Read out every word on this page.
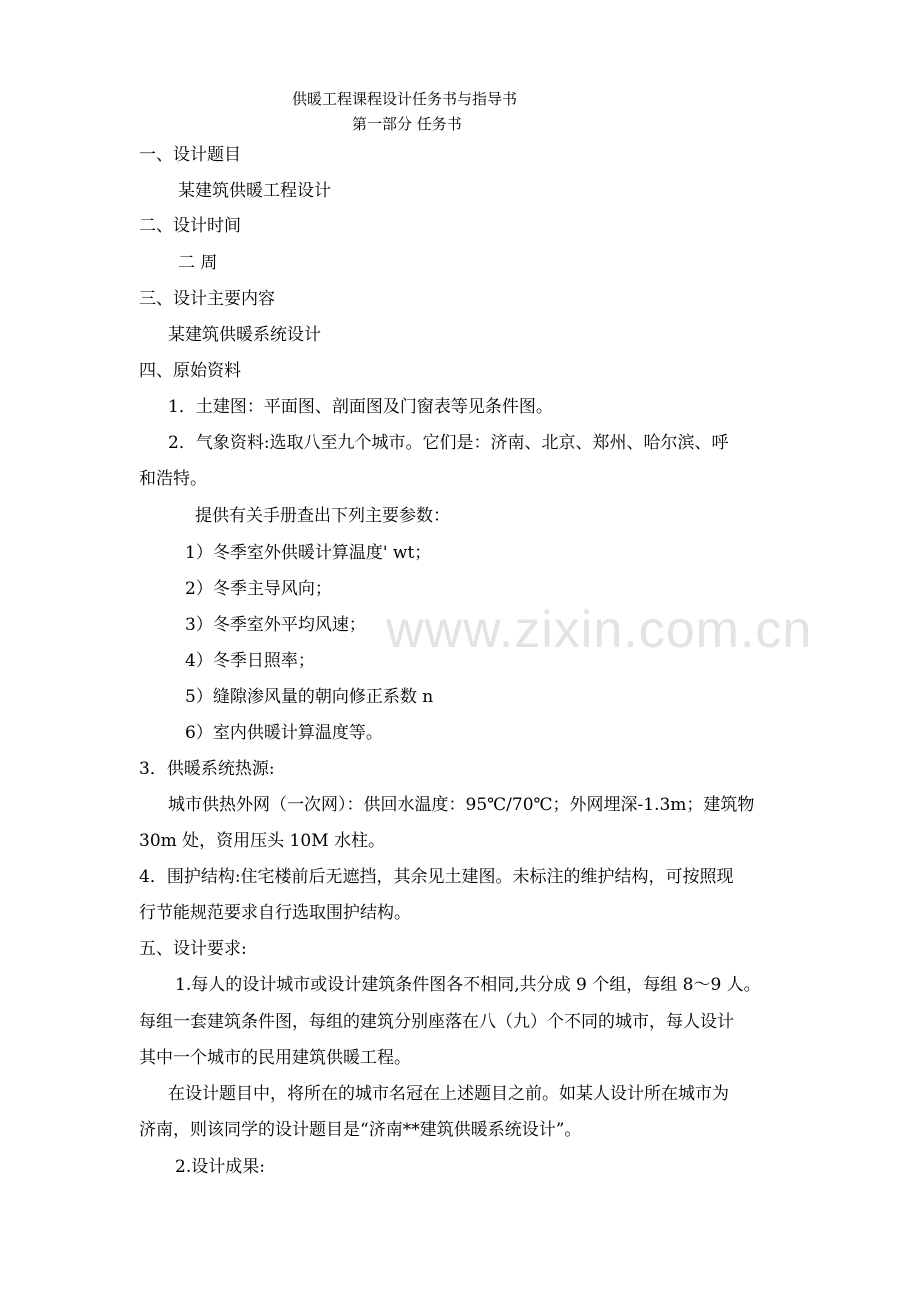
www.zixin.com.cn
供暖工程课程设计任务书与指导书
第一部分 任务书
一、设计题目
某建筑供暖工程设计
二、设计时间
二 周
三、设计主要内容
某建筑供暖系统设计
四、原始资料
1．土建图：平面图、剖面图及门窗表等见条件图。
2．气象资料:选取八至九个城市。它们是：济南、北京、郑州、哈尔滨、呼
和浩特。
提供有关手册查出下列主要参数：
1）冬季室外供暖计算温度' wt；
2）冬季主导风向；
3）冬季室外平均风速；
4）冬季日照率；
5）缝隙渗风量的朝向修正系数 n
6）室内供暖计算温度等。
3．供暖系统热源:
城市供热外网（一次网）：供回水温度：95℃/70℃；外网埋深-1.3m；建筑物
30m 处，资用压头 10M 水柱。
4．围护结构:住宅楼前后无遮挡，其余见土建图。未标注的维护结构，可按照现
行节能规范要求自行选取围护结构。
五、设计要求:
1.每人的设计城市或设计建筑条件图各不相同,共分成 9 个组，每组 8～9 人。
每组一套建筑条件图，每组的建筑分别座落在八（九）个不同的城市，每人设计
其中一个城市的民用建筑供暖工程。
在设计题目中，将所在的城市名冠在上述题目之前。如某人设计所在城市为
济南，则该同学的设计题目是“济南**建筑供暖系统设计”。
2.设计成果:
